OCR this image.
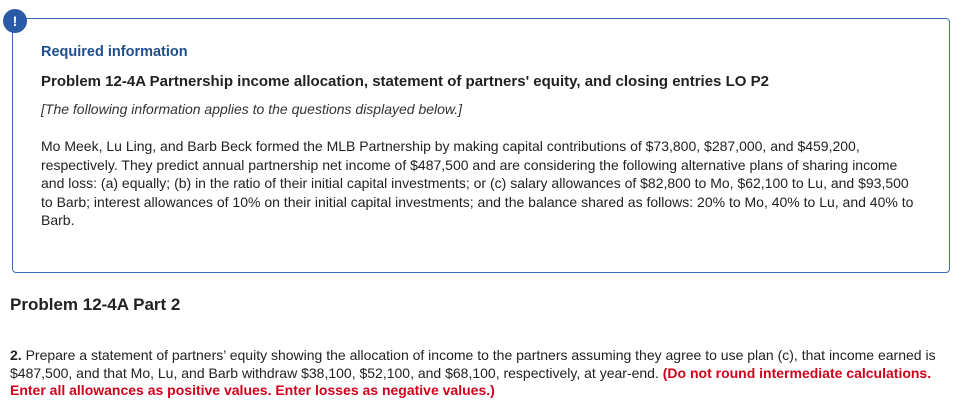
!
Required information
Problem 12-4A Partnership income allocation, statement of partners' equity, and closing entries LO P2
[The following information applies to the questions displayed below.]
Mo Meek, Lu Ling, and Barb Beck formed the MLB Partnership by making capital contributions of $73,800, $287,000, and $459,200, respectively. They predict annual partnership net income of $487,500 and are considering the following alternative plans of sharing income and loss: (a) equally; (b) in the ratio of their initial capital investments; or (c) salary allowances of $82,800 to Mo, $62,100 to Lu, and $93,500 to Barb; interest allowances of 10% on their initial capital investments; and the balance shared as follows: 20% to Mo, 40% to Lu, and 40% to Barb.
Problem 12-4A Part 2
2. Prepare a statement of partners’ equity showing the allocation of income to the partners assuming they agree to use plan (c), that income earned is $487,500, and that Mo, Lu, and Barb withdraw $38,100, $52,100, and $68,100, respectively, at year-end. (Do not round intermediate calculations. Enter all allowances as positive values. Enter losses as negative values.)
